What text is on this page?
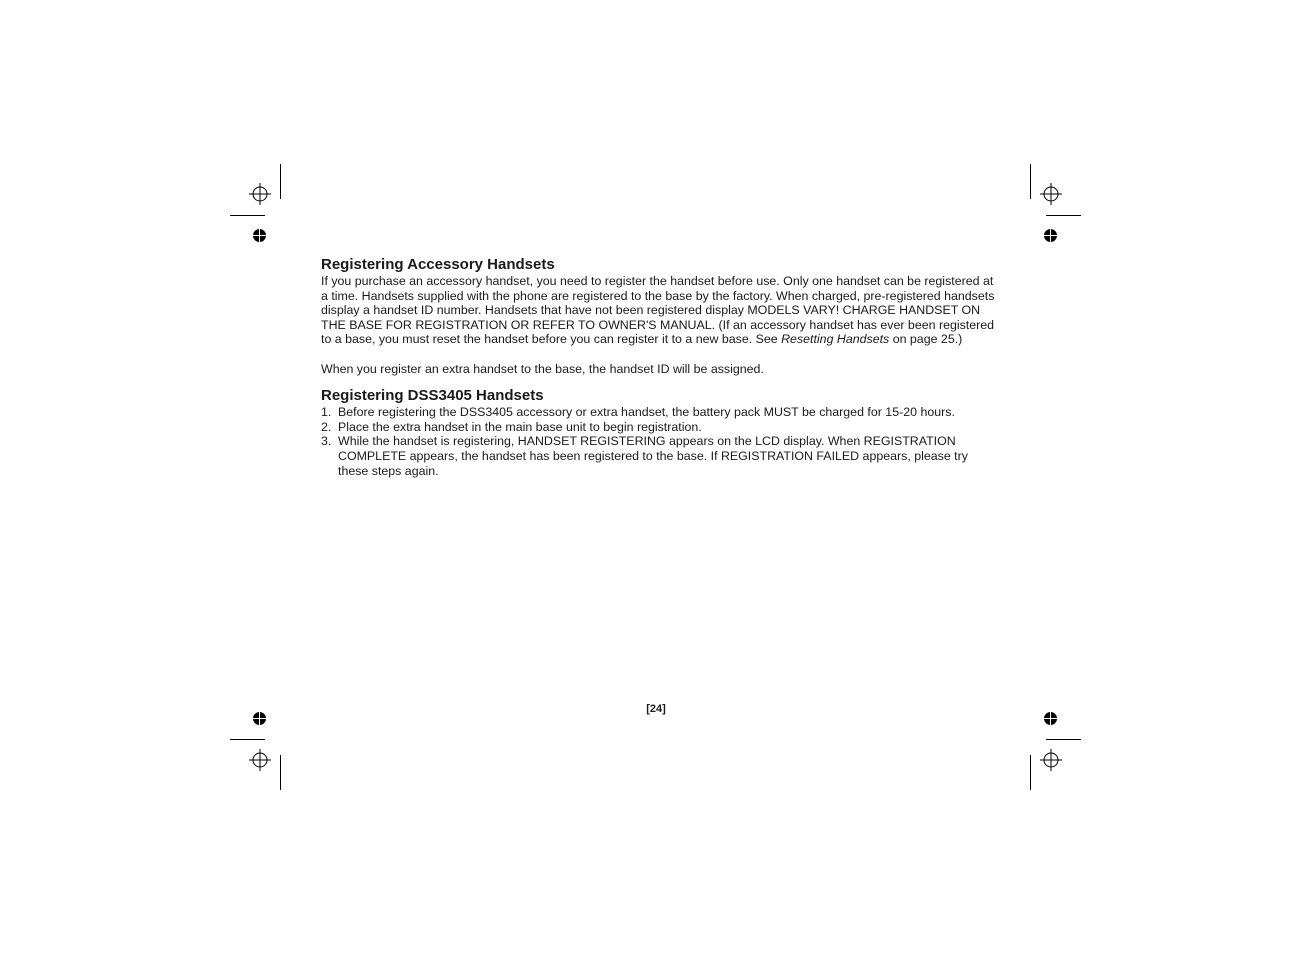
Registering Accessory Handsets

If you purchase an accessory handset, you need to register the handset before use. Only one handset can be registered at a time. Handsets supplied with the phone are registered to the base by the factory. When charged, pre-registered handsets display a handset ID number. Handsets that have not been registered display MODELS VARY! CHARGE HANDSET ON THE BASE FOR REGISTRATION OR REFER TO OWNER'S MANUAL. (If an accessory handset has ever been registered to a base, you must reset the handset before you can register it to a new base. See Resetting Handsets on page 25.)

When you register an extra handset to the base, the handset ID will be assigned.

Registering DSS3405 Handsets
1. Before registering the DSS3405 accessory or extra handset, the battery pack MUST be charged for 15-20 hours.
2. Place the extra handset in the main base unit to begin registration.
3. While the handset is registering, HANDSET REGISTERING appears on the LCD display. When REGISTRATION COMPLETE appears, the handset has been registered to the base. If REGISTRATION FAILED appears, please try these steps again.
[24]
